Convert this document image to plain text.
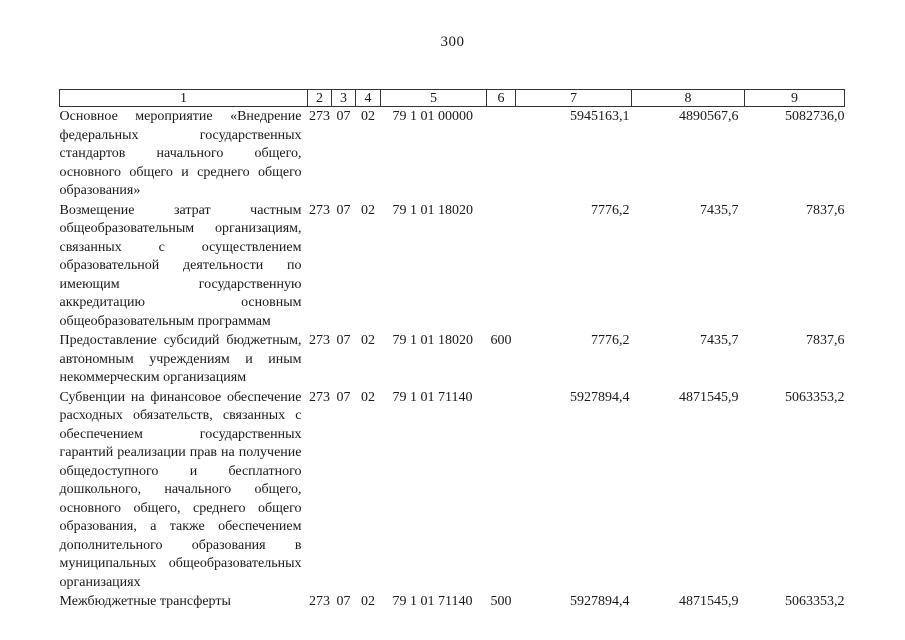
300
1	2	3	4	5	6	7	8	9
Основное мероприятие «Внедрение федеральных государственных стандартов начального общего, основного общего и среднего общего образования»	273	07	02	79 1 01 00000		5945163,1	4890567,6	5082736,0
Возмещение затрат частным общеобразовательным организациям, связанных с осуществлением образовательной деятельности по имеющим государственную аккредитацию основным общеобразовательным программам	273	07	02	79 1 01 18020		7776,2	7435,7	7837,6
Предоставление субсидий бюджетным, автономным учреждениям и иным некоммерческим организациям	273	07	02	79 1 01 18020	600	7776,2	7435,7	7837,6
Субвенции на финансовое обеспечение расходных обязательств, связанных с обеспечением государственных гарантий реализации прав на получение общедоступного и бесплатного дошкольного, начального общего, основного общего, среднего общего образования, а также обеспечением дополнительного образования в муниципальных общеобразовательных организациях	273	07	02	79 1 01 71140		5927894,4	4871545,9	5063353,2
Межбюджетные трансферты	273	07	02	79 1 01 71140	500	5927894,4	4871545,9	5063353,2
